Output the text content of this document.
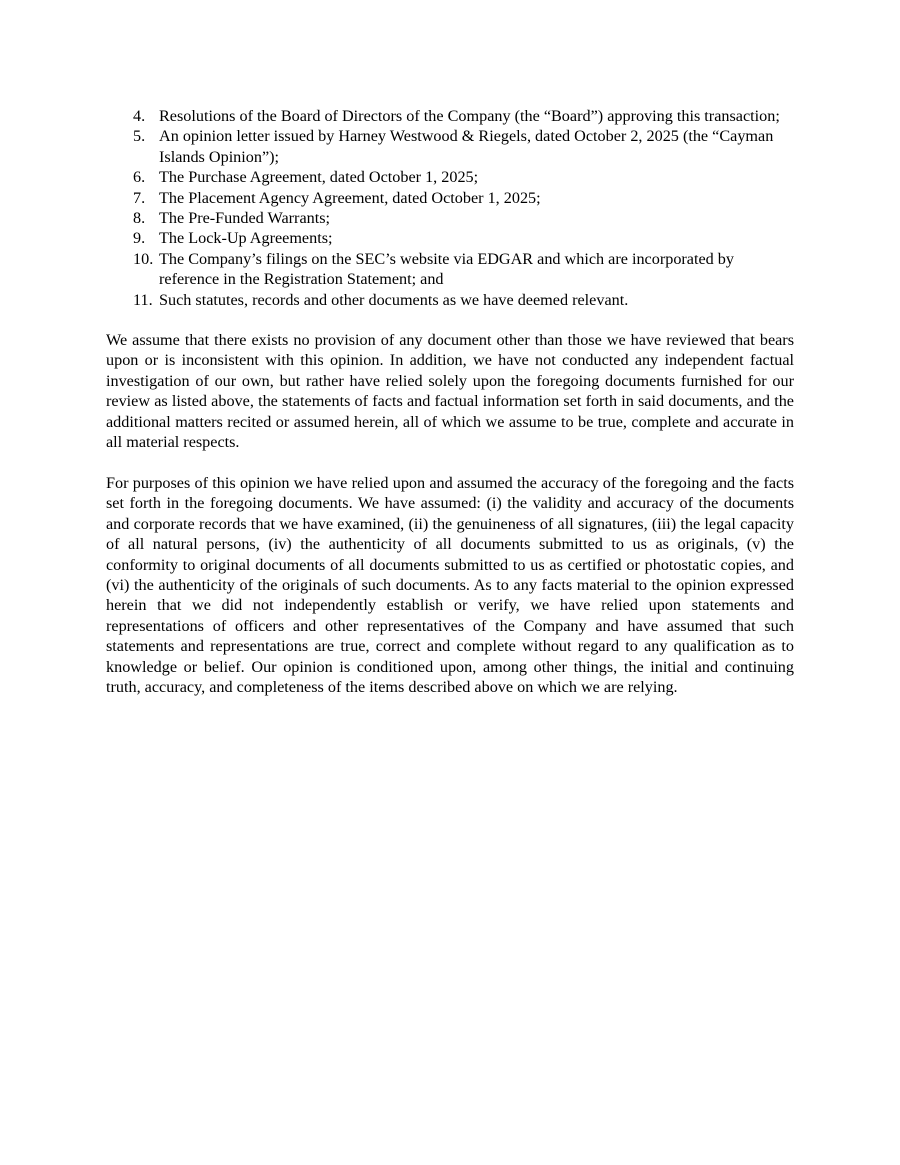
4. Resolutions of the Board of Directors of the Company (the “Board”) approving this transaction;
5. An opinion letter issued by Harney Westwood & Riegels, dated October 2, 2025 (the “Cayman Islands Opinion”);
6. The Purchase Agreement, dated October 1, 2025;
7. The Placement Agency Agreement, dated October 1, 2025;
8. The Pre-Funded Warrants;
9. The Lock-Up Agreements;
10. The Company’s filings on the SEC’s website via EDGAR and which are incorporated by reference in the Registration Statement; and
11. Such statutes, records and other documents as we have deemed relevant.

We assume that there exists no provision of any document other than those we have reviewed that bears upon or is inconsistent with this opinion. In addition, we have not conducted any independent factual investigation of our own, but rather have relied solely upon the foregoing documents furnished for our review as listed above, the statements of facts and factual information set forth in said documents, and the additional matters recited or assumed herein, all of which we assume to be true, complete and accurate in all material respects.

For purposes of this opinion we have relied upon and assumed the accuracy of the foregoing and the facts set forth in the foregoing documents. We have assumed: (i) the validity and accuracy of the documents and corporate records that we have examined, (ii) the genuineness of all signatures, (iii) the legal capacity of all natural persons, (iv) the authenticity of all documents submitted to us as originals, (v) the conformity to original documents of all documents submitted to us as certified or photostatic copies, and (vi) the authenticity of the originals of such documents. As to any facts material to the opinion expressed herein that we did not independently establish or verify, we have relied upon statements and representations of officers and other representatives of the Company and have assumed that such statements and representations are true, correct and complete without regard to any qualification as to knowledge or belief. Our opinion is conditioned upon, among other things, the initial and continuing truth, accuracy, and completeness of the items described above on which we are relying.
